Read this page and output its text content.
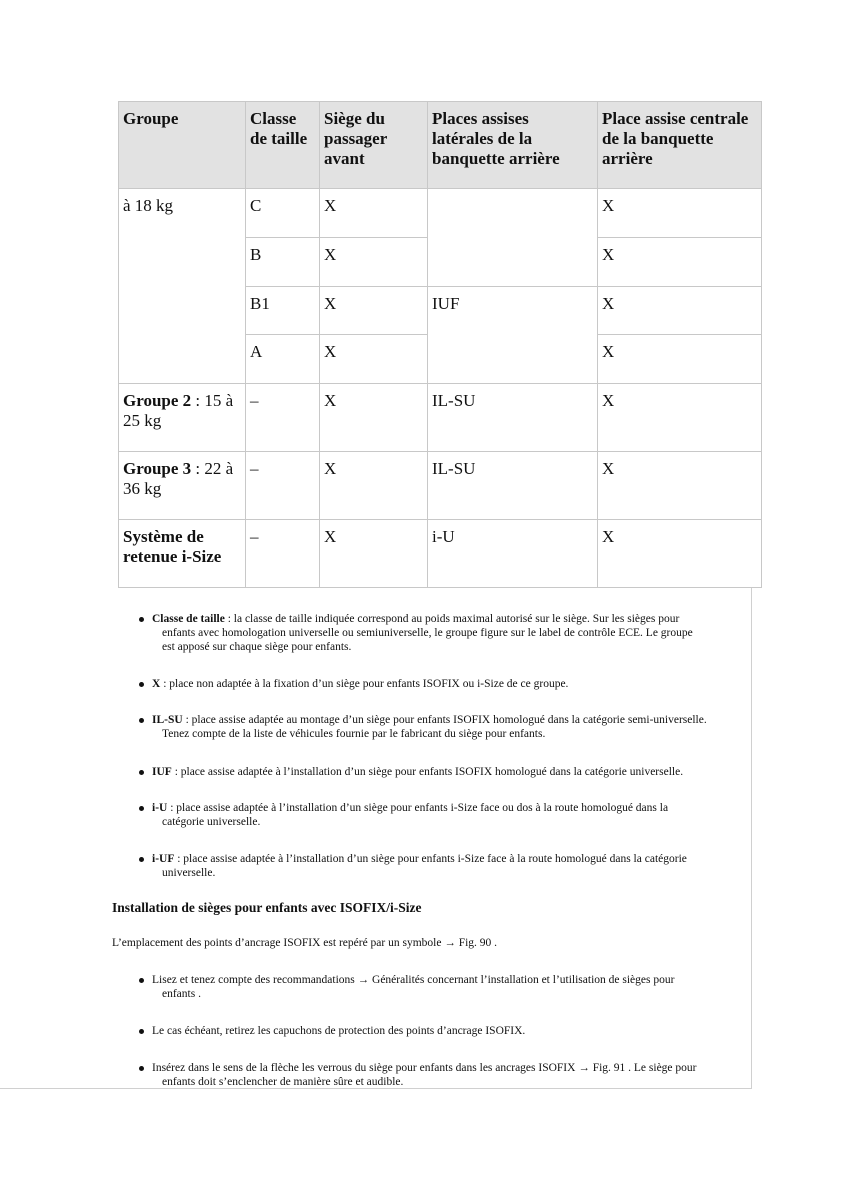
Groupe	Classe de taille	Siège du passager avant	Places assises latérales de la banquette arrière	Place assise centrale de la banquette arrière
à 18 kg	C	X		X
	B	X		X
	B1	X	IUF	X
	A	X		X
Groupe 2 : 15 à 25 kg	–	X	IL-SU	X
Groupe 3 : 22 à 36 kg	–	X	IL-SU	X
Système de retenue i-Size	–	X	i-U	X
Classe de taille : la classe de taille indiquée correspond au poids maximal autorisé sur le siège. Sur les sièges pour
enfants avec homologation universelle ou semiuniverselle, le groupe figure sur le label de contrôle ECE. Le groupe
est apposé sur chaque siège pour enfants.
X : place non adaptée à la fixation d’un siège pour enfants ISOFIX ou i-Size de ce groupe.
IL-SU : place assise adaptée au montage d’un siège pour enfants ISOFIX homologué dans la catégorie semi-universelle.
Tenez compte de la liste de véhicules fournie par le fabricant du siège pour enfants.
IUF : place assise adaptée à l’installation d’un siège pour enfants ISOFIX homologué dans la catégorie universelle.
i-U : place assise adaptée à l’installation d’un siège pour enfants i-Size face ou dos à la route homologué dans la
catégorie universelle.
i-UF : place assise adaptée à l’installation d’un siège pour enfants i-Size face à la route homologué dans la catégorie
universelle.
Installation de sièges pour enfants avec ISOFIX/i-Size
L’emplacement des points d’ancrage ISOFIX est repéré par un symbole → Fig. 90 .
Lisez et tenez compte des recommandations → Généralités concernant l’installation et l’utilisation de sièges pour
enfants .
Le cas échéant, retirez les capuchons de protection des points d’ancrage ISOFIX.
Insérez dans le sens de la flèche les verrous du siège pour enfants dans les ancrages ISOFIX → Fig. 91 . Le siège pour
enfants doit s’enclencher de manière sûre et audible.
